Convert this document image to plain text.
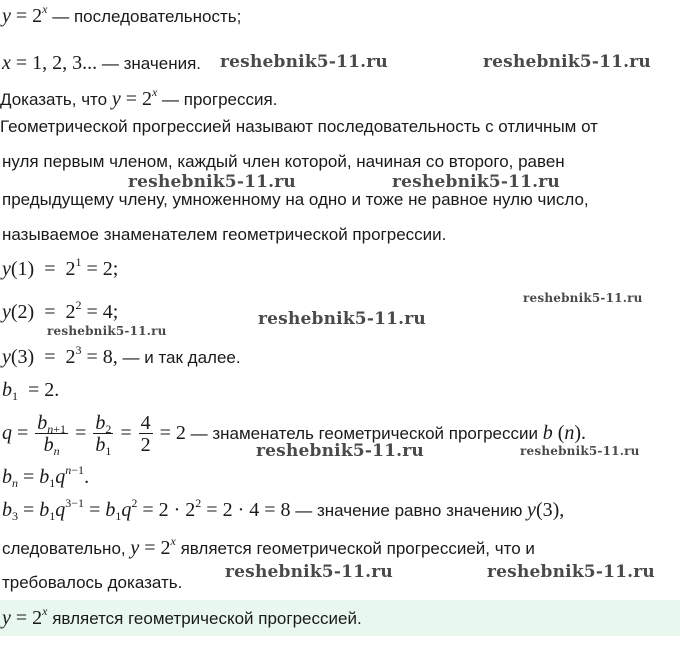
$y = 2^x$ — последовательность;
x = 1, 2, 3... — значения.
Доказать, что $y = 2^x$ — прогрессия.
Геометрической прогрессией называют последовательность с отличным от
нуля первым членом, каждый член которой, начиная со второго, равен
предыдущему члену, умноженному на одно и тоже не равное нулю число,
называемое знаменателем геометрической прогрессии.
$y(1) = 2^1 = 2$;
$y(2) = 2^2 = 4$;
$y(3) = 2^3 = 8$, — и так далее.
$b_1 = 2$.
$q = \frac{b_{n+1}}{b_n} = \frac{b_2}{b_1} = \frac{4}{2} = 2$ — знаменатель геометрической прогрессии b (n).
$b_n = b_1q^{n-1}$.
$b_3 = b_1q^{3-1} = b_1q^2 = 2 \cdot 2^2 = 2 \cdot 4 = 8$ — значение равно значению y(3),
следовательно, $y = 2^x$ является геометрической прогрессией, что и
требовалось доказать.
$y = 2^x$ является геометрической прогрессией.
reshebnik5-11.ru	reshebnik5-11.ru
reshebnik5-11.ru	reshebnik5-11.ru
reshebnik5-11.ru
reshebnik5-11.ru
reshebnik5-11.ru
reshebnik5-11.ru	reshebnik5-11.ru
reshebnik5-11.ru	reshebnik5-11.ru
